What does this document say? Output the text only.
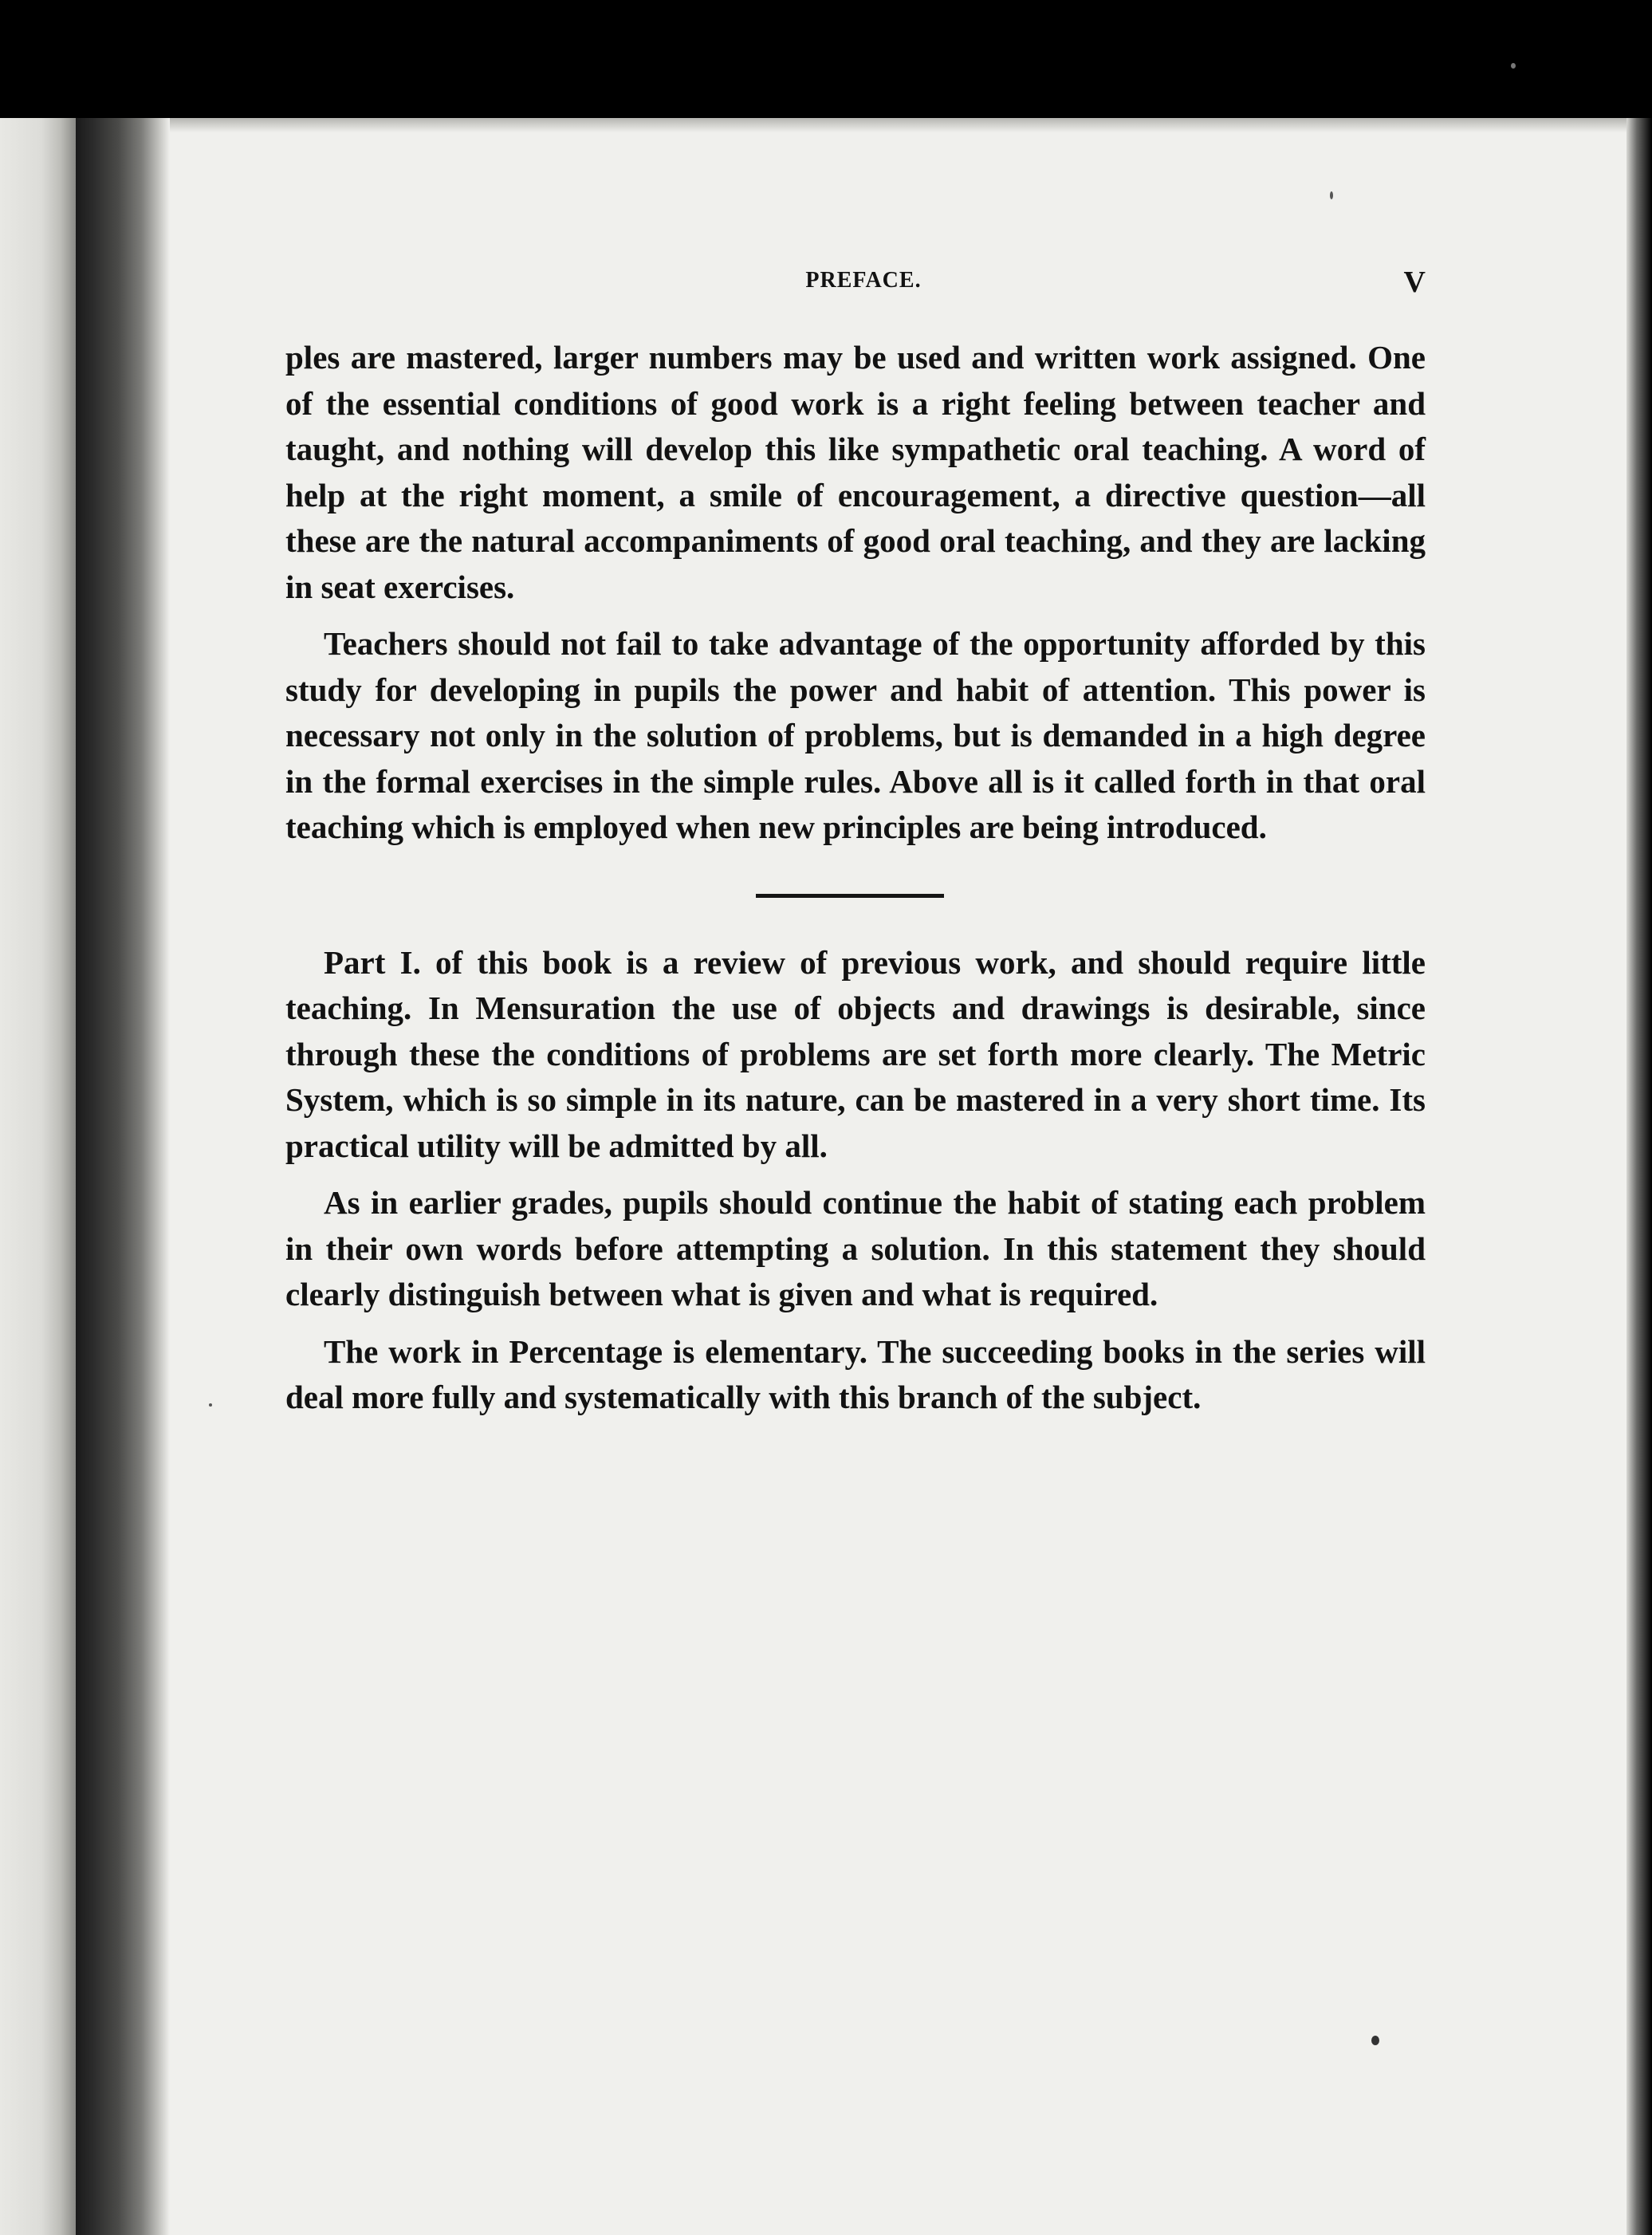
PREFACE.	V

ples are mastered, larger numbers may be used and written work assigned. One of the essential conditions of good work is a right feeling between teacher and taught, and nothing will develop this like sympathetic oral teaching. A word of help at the right moment, a smile of encouragement, a directive question—all these are the natural accompaniments of good oral teaching, and they are lacking in seat exercises.

Teachers should not fail to take advantage of the opportunity afforded by this study for developing in pupils the power and habit of attention. This power is necessary not only in the solution of problems, but is demanded in a high degree in the formal exercises in the simple rules. Above all is it called forth in that oral teaching which is employed when new principles are being introduced.

Part I. of this book is a review of previous work, and should require little teaching. In Mensuration the use of objects and drawings is desirable, since through these the conditions of problems are set forth more clearly. The Metric System, which is so simple in its nature, can be mastered in a very short time. Its practical utility will be admitted by all.

As in earlier grades, pupils should continue the habit of stating each problem in their own words before attempting a solution. In this statement they should clearly distinguish between what is given and what is required.

The work in Percentage is elementary. The succeeding books in the series will deal more fully and systematically with this branch of the subject.
